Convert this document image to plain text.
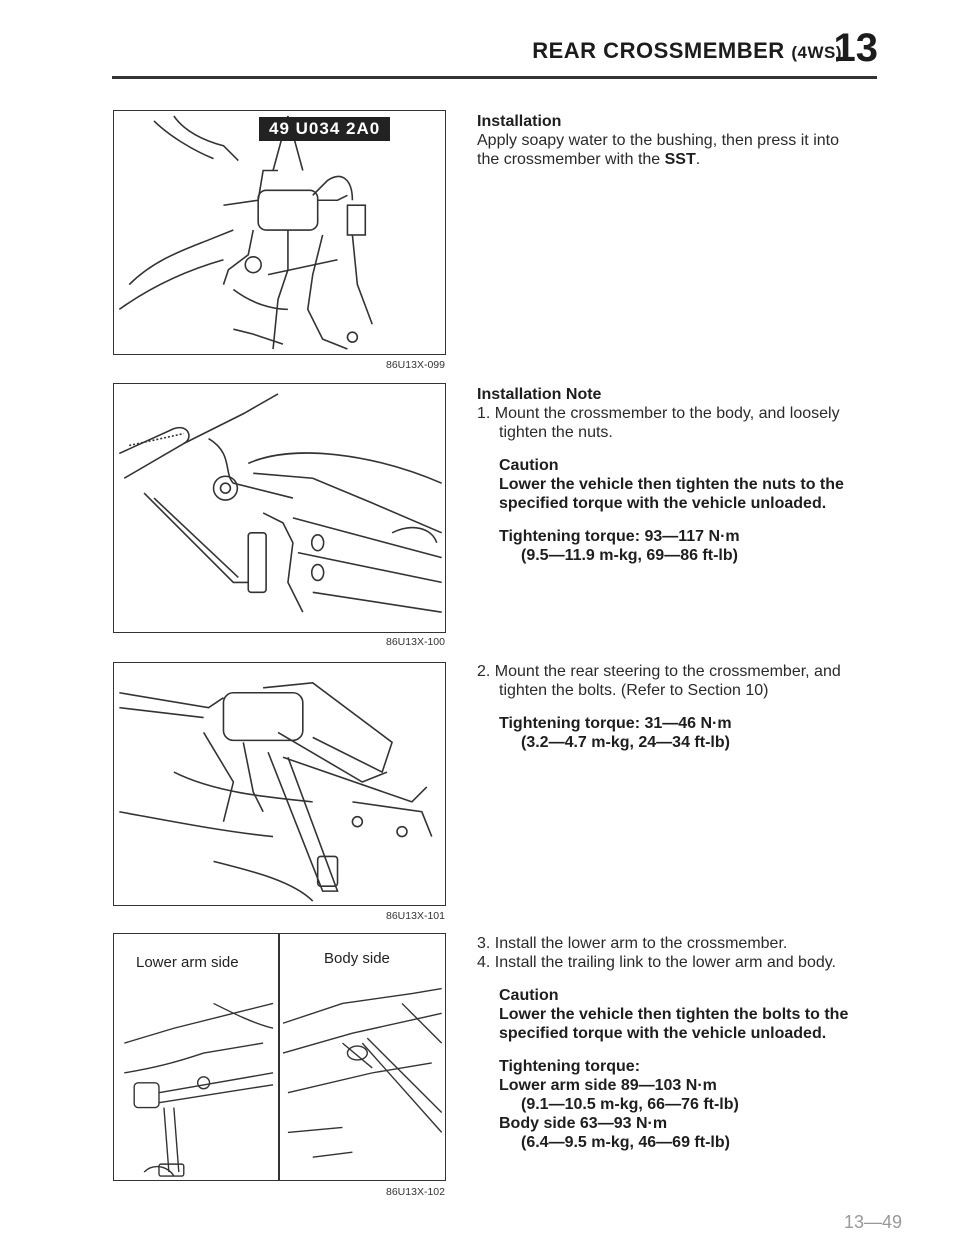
REAR CROSSMEMBER (4WS)
13
49 U034 2A0
86U13X-099
86U13X-100
86U13X-101
Lower arm side	Body side
86U13X-102
Installation
Apply soapy water to the bushing, then press it into
the crossmember with the SST.
Installation Note
1. Mount the crossmember to the body, and loosely
tighten the nuts.
Caution
Lower the vehicle then tighten the nuts to the
specified torque with the vehicle unloaded.
Tightening torque: 93—117 N·m
(9.5—11.9 m-kg, 69—86 ft-lb)
2. Mount the rear steering to the crossmember, and
tighten the bolts. (Refer to Section 10)
Tightening torque: 31—46 N·m
(3.2—4.7 m-kg, 24—34 ft-lb)
3. Install the lower arm to the crossmember.
4. Install the trailing link to the lower arm and body.
Caution
Lower the vehicle then tighten the bolts to the
specified torque with the vehicle unloaded.
Tightening torque:
Lower arm side 89—103 N·m
(9.1—10.5 m-kg, 66—76 ft-lb)
Body side 63—93 N·m
(6.4—9.5 m-kg, 46—69 ft-lb)
13—49
